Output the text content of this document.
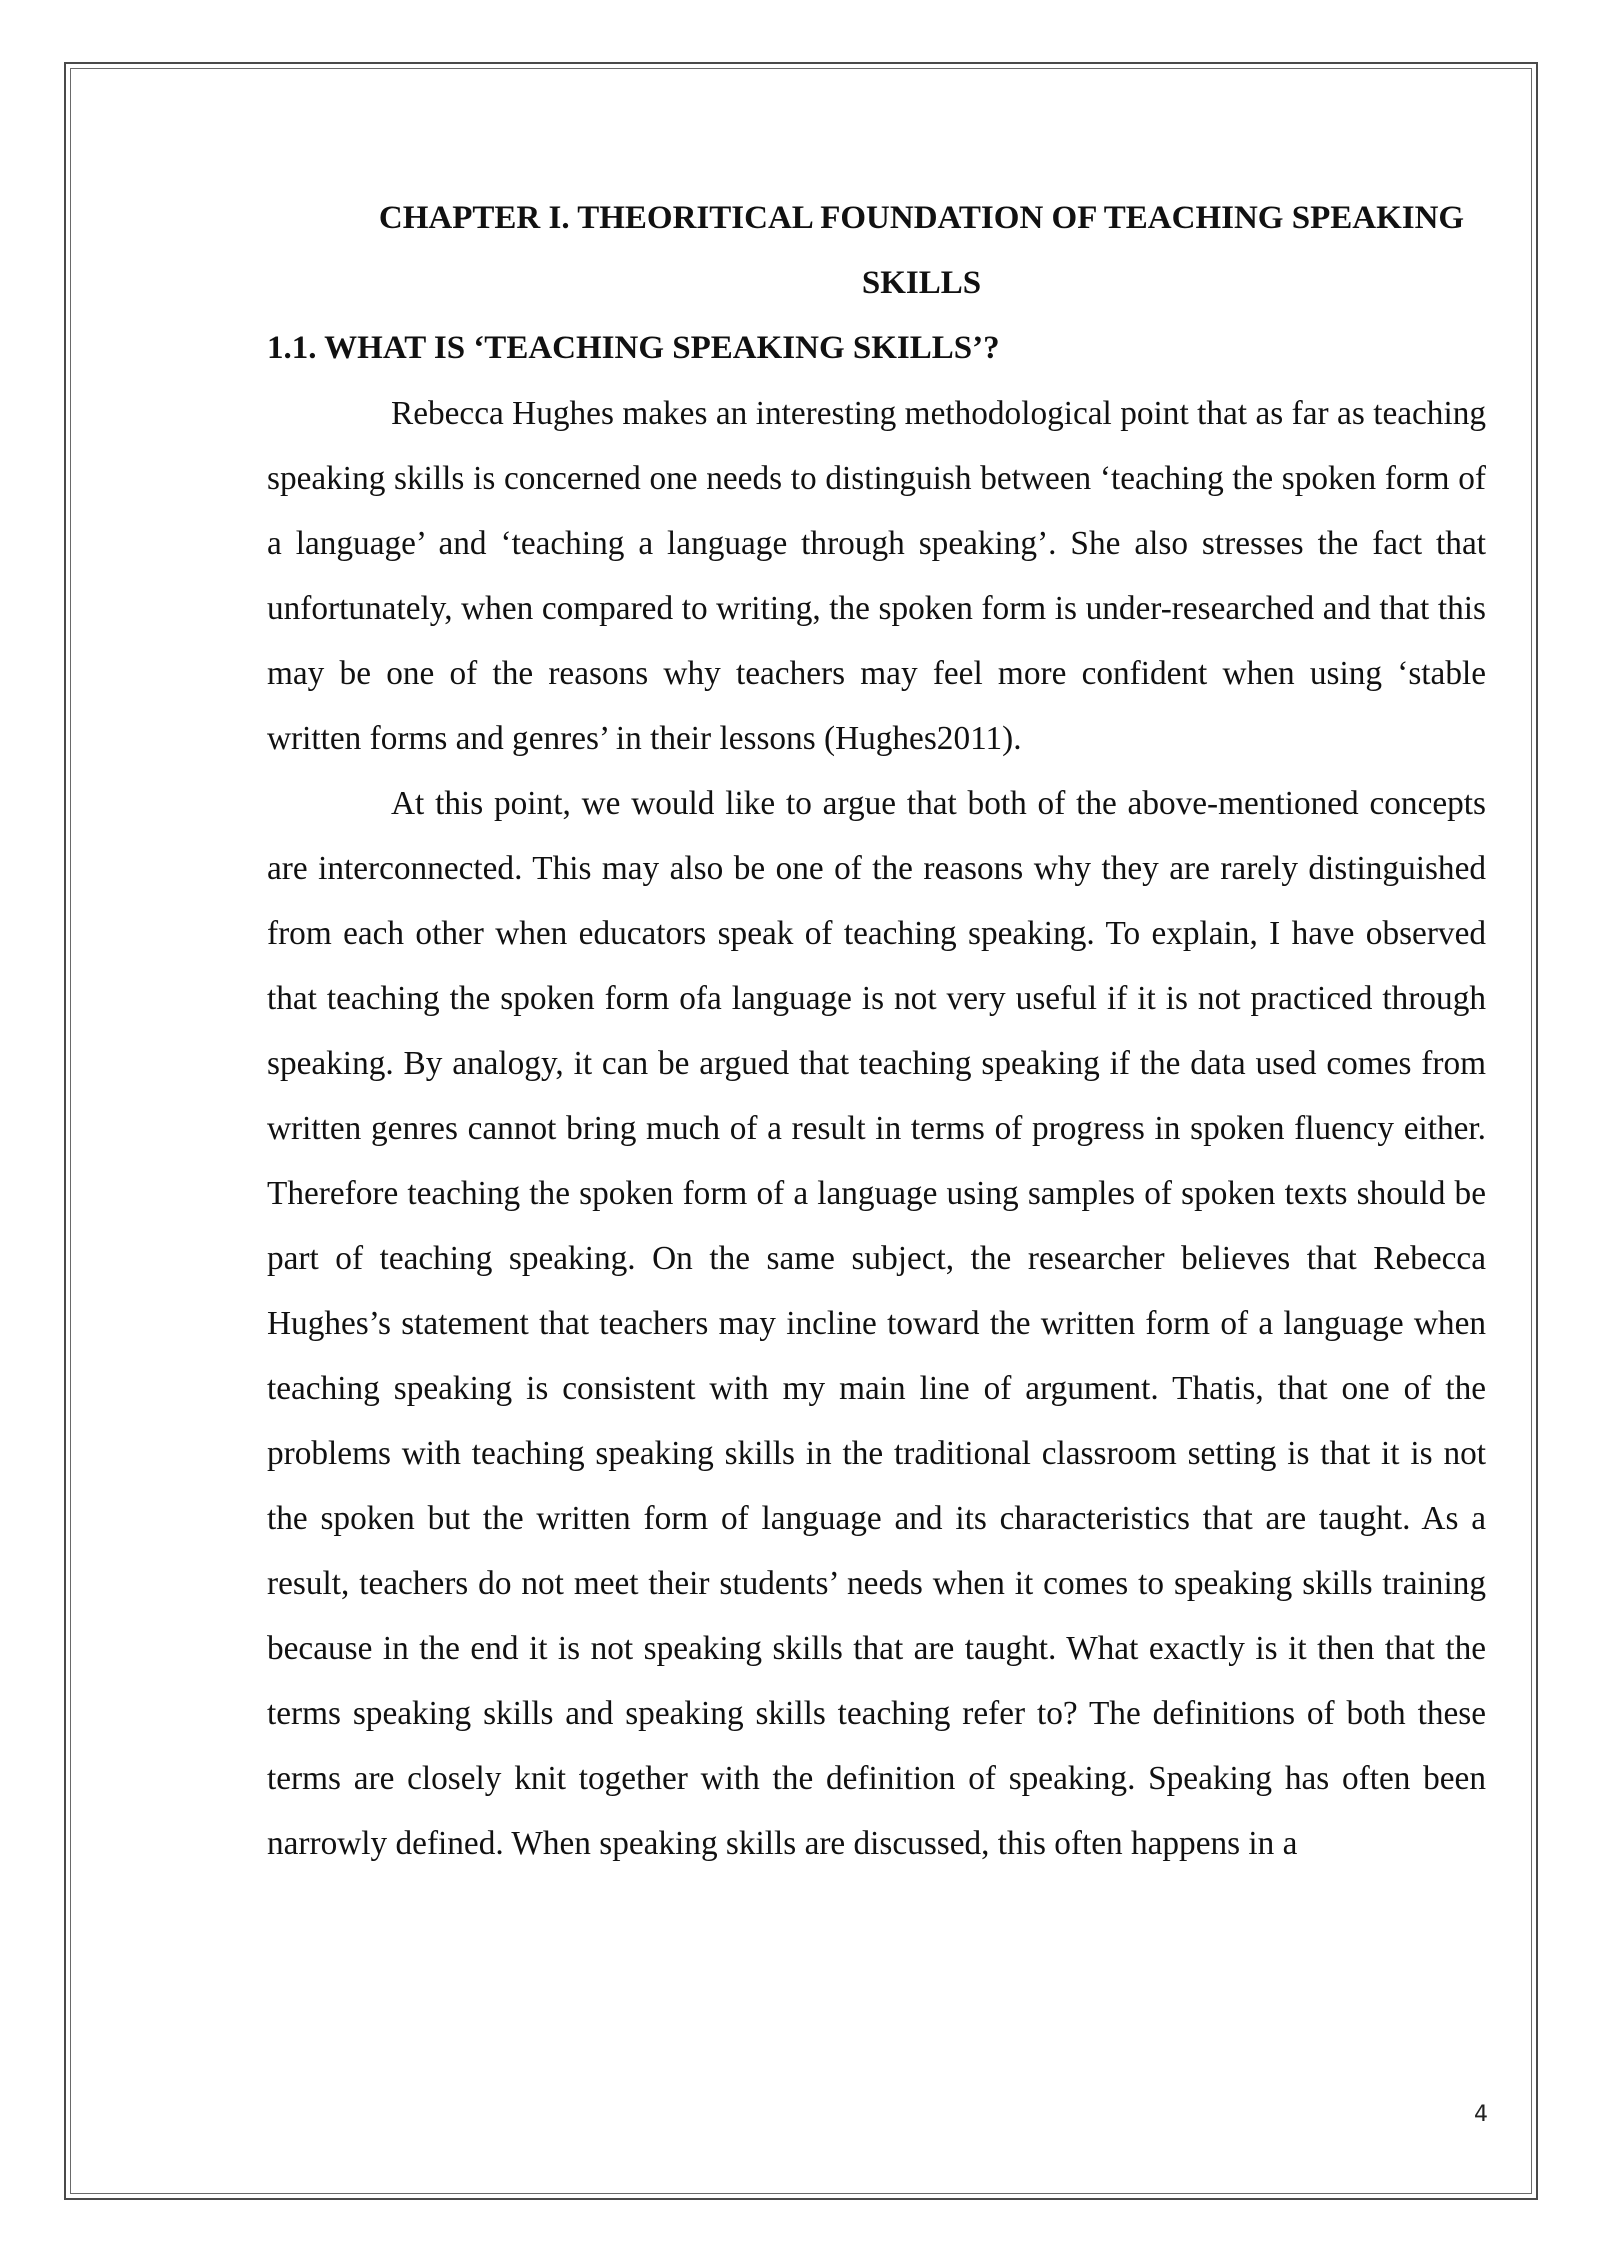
CHAPTER I. THEORITICAL FOUNDATION OF TEACHING SPEAKING SKILLS
1.1. WHAT IS ‘TEACHING SPEAKING SKILLS’?

Rebecca Hughes makes an interesting methodological point that as far as teaching speaking skills is concerned one needs to distinguish between ‘teaching the spoken form of a language’ and ‘teaching a language through speaking’. She also stresses the fact that unfortunately, when compared to writing, the spoken form is under-researched and that this may be one of the reasons why teachers may feel more confident when using ‘stable written forms and genres’ in their lessons (Hughes2011).

At this point, we would like to argue that both of the above-mentioned concepts are interconnected. This may also be one of the reasons why they are rarely distinguished from each other when educators speak of teaching speaking. To explain, I have observed that teaching the spoken form ofa language is not very useful if it is not practiced through speaking. By analogy, it can be argued that teaching speaking if the data used comes from written genres cannot bring much of a result in terms of progress in spoken fluency either. Therefore teaching the spoken form of a language using samples of spoken texts should be part of teaching speaking. On the same subject, the researcher believes that Rebecca Hughes’s statement that teachers may incline toward the written form of a language when teaching speaking is consistent with my main line of argument. Thatis, that one of the problems with teaching speaking skills in the traditional classroom setting is that it is not the spoken but the written form of language and its characteristics that are taught. As a result, teachers do not meet their students’ needs when it comes to speaking skills training because in the end it is not speaking skills that are taught. What exactly is it then that the terms speaking skills and speaking skills teaching refer to? The definitions of both these terms are closely knit together with the definition of speaking. Speaking has often been narrowly defined. When speaking skills are discussed, this often happens in a

4
